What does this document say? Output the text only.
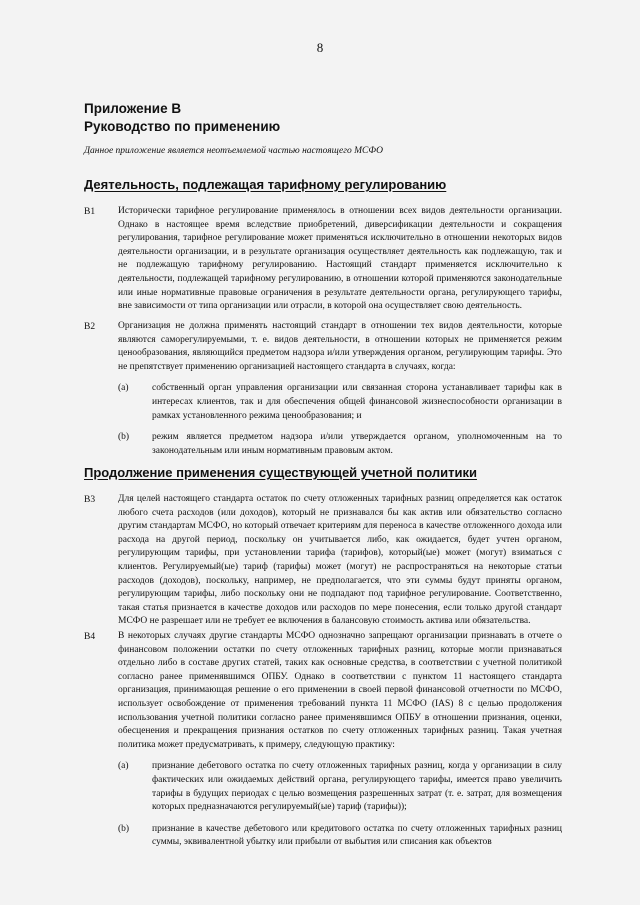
8
Приложение В
Руководство по применению
Данное приложение является неотъемлемой частью настоящего МСФО
Деятельность, подлежащая тарифному регулированию
B1 Исторически тарифное регулирование применялось в отношении всех видов деятельности организации. Однако в настоящее время вследствие приобретений, диверсификации деятельности и сокращения регулирования, тарифное регулирование может применяться исключительно в отношении некоторых видов деятельности организации, и в результате организация осуществляет деятельность как подлежащую, так и не подлежащую тарифному регулированию. Настоящий стандарт применяется исключительно к деятельности, подлежащей тарифному регулированию, в отношении которой применяются законодательные или иные нормативные правовые ограничения в результате деятельности органа, регулирующего тарифы, вне зависимости от типа организации или отрасли, в которой она осуществляет свою деятельность.
B2 Организация не должна применять настоящий стандарт в отношении тех видов деятельности, которые являются саморегулируемыми, т. е. видов деятельности, в отношении которых не применяется режим ценообразования, являющийся предметом надзора и/или утверждения органом, регулирующим тарифы. Это не препятствует применению организацией настоящего стандарта в случаях, когда:
(a) собственный орган управления организации или связанная сторона устанавливает тарифы как в интересах клиентов, так и для обеспечения общей финансовой жизнеспособности организации в рамках установленного режима ценообразования; и
(b) режим является предметом надзора и/или утверждается органом, уполномоченным на то законодательным или иным нормативным правовым актом.
Продолжение применения существующей учетной политики
B3 Для целей настоящего стандарта остаток по счету отложенных тарифных разниц определяется как остаток любого счета расходов (или доходов), который не признавался бы как актив или обязательство согласно другим стандартам МСФО, но который отвечает критериям для переноса в качестве отложенного дохода или расхода на другой период, поскольку он учитывается либо, как ожидается, будет учтен органом, регулирующим тарифы, при установлении тарифа (тарифов), который(ые) может (могут) взиматься с клиентов. Регулируемый(ые) тариф (тарифы) может (могут) не распространяться на некоторые статьи расходов (доходов), поскольку, например, не предполагается, что эти суммы будут приняты органом, регулирующим тарифы, либо поскольку они не подпадают под тарифное регулирование. Соответственно, такая статья признается в качестве доходов или расходов по мере понесения, если только другой стандарт МСФО не разрешает или не требует ее включения в балансовую стоимость актива или обязательства.
B4 В некоторых случаях другие стандарты МСФО однозначно запрещают организации признавать в отчете о финансовом положении остатки по счету отложенных тарифных разниц, которые могли признаваться отдельно либо в составе других статей, таких как основные средства, в соответствии с учетной политикой согласно ранее применявшимся ОПБУ. Однако в соответствии с пунктом 11 настоящего стандарта организация, принимающая решение о его применении в своей первой финансовой отчетности по МСФО, использует освобождение от применения требований пункта 11 МСФО (IAS) 8 с целью продолжения использования учетной политики согласно ранее применявшимся ОПБУ в отношении признания, оценки, обесценения и прекращения признания остатков по счету отложенных тарифных разниц. Такая учетная политика может предусматривать, к примеру, следующую практику:
(a) признание дебетового остатка по счету отложенных тарифных разниц, когда у организации в силу фактических или ожидаемых действий органа, регулирующего тарифы, имеется право увеличить тарифы в будущих периодах с целью возмещения разрешенных затрат (т. е. затрат, для возмещения которых предназначаются регулируемый(ые) тариф (тарифы));
(b) признание в качестве дебетового или кредитового остатка по счету отложенных тарифных разниц суммы, эквивалентной убытку или прибыли от выбытия или списания как объектов
